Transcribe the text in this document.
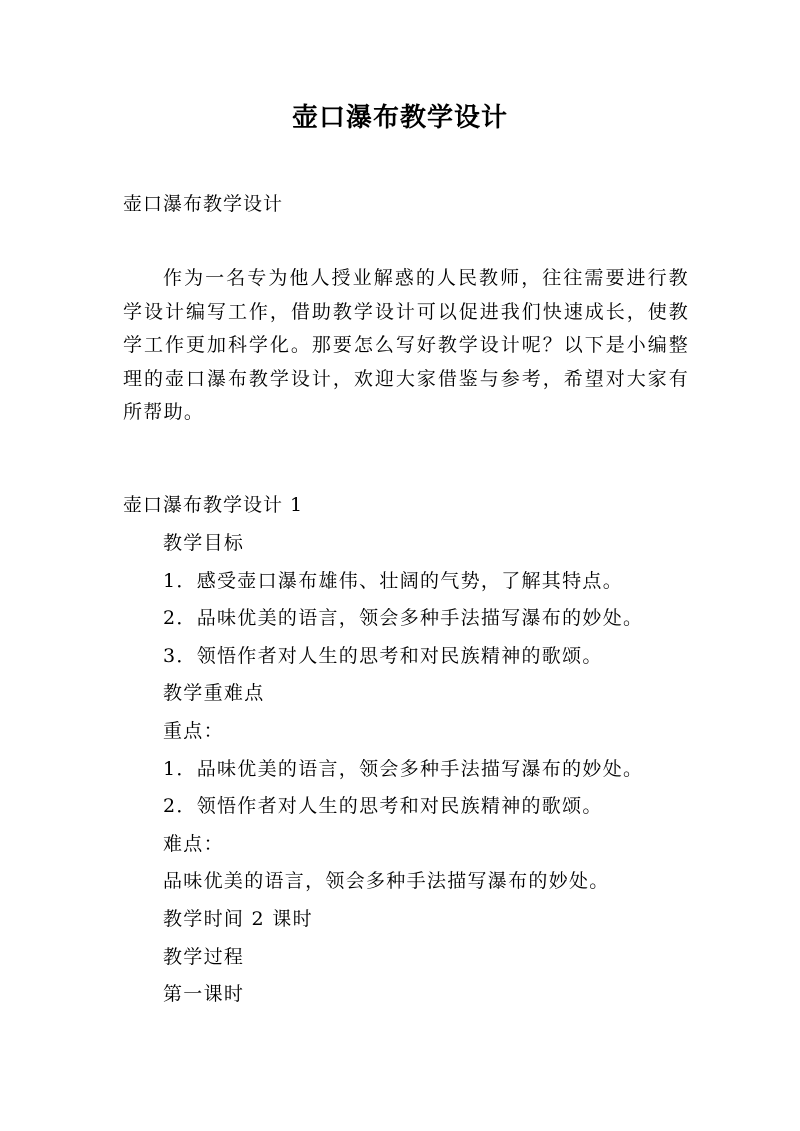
壶口瀑布教学设计
壶口瀑布教学设计
作为一名专为他人授业解惑的人民教师，往往需要进行教学设计编写工作，借助教学设计可以促进我们快速成长，使教学工作更加科学化。那要怎么写好教学设计呢？以下是小编整理的壶口瀑布教学设计，欢迎大家借鉴与参考，希望对大家有所帮助。
壶口瀑布教学设计 1
教学目标
1．感受壶口瀑布雄伟、壮阔的气势，了解其特点。
2．品味优美的语言，领会多种手法描写瀑布的妙处。
3．领悟作者对人生的思考和对民族精神的歌颂。
教学重难点
重点：
1．品味优美的语言，领会多种手法描写瀑布的妙处。
2．领悟作者对人生的思考和对民族精神的歌颂。
难点：
品味优美的语言，领会多种手法描写瀑布的妙处。
教学时间 2 课时
教学过程
第一课时
